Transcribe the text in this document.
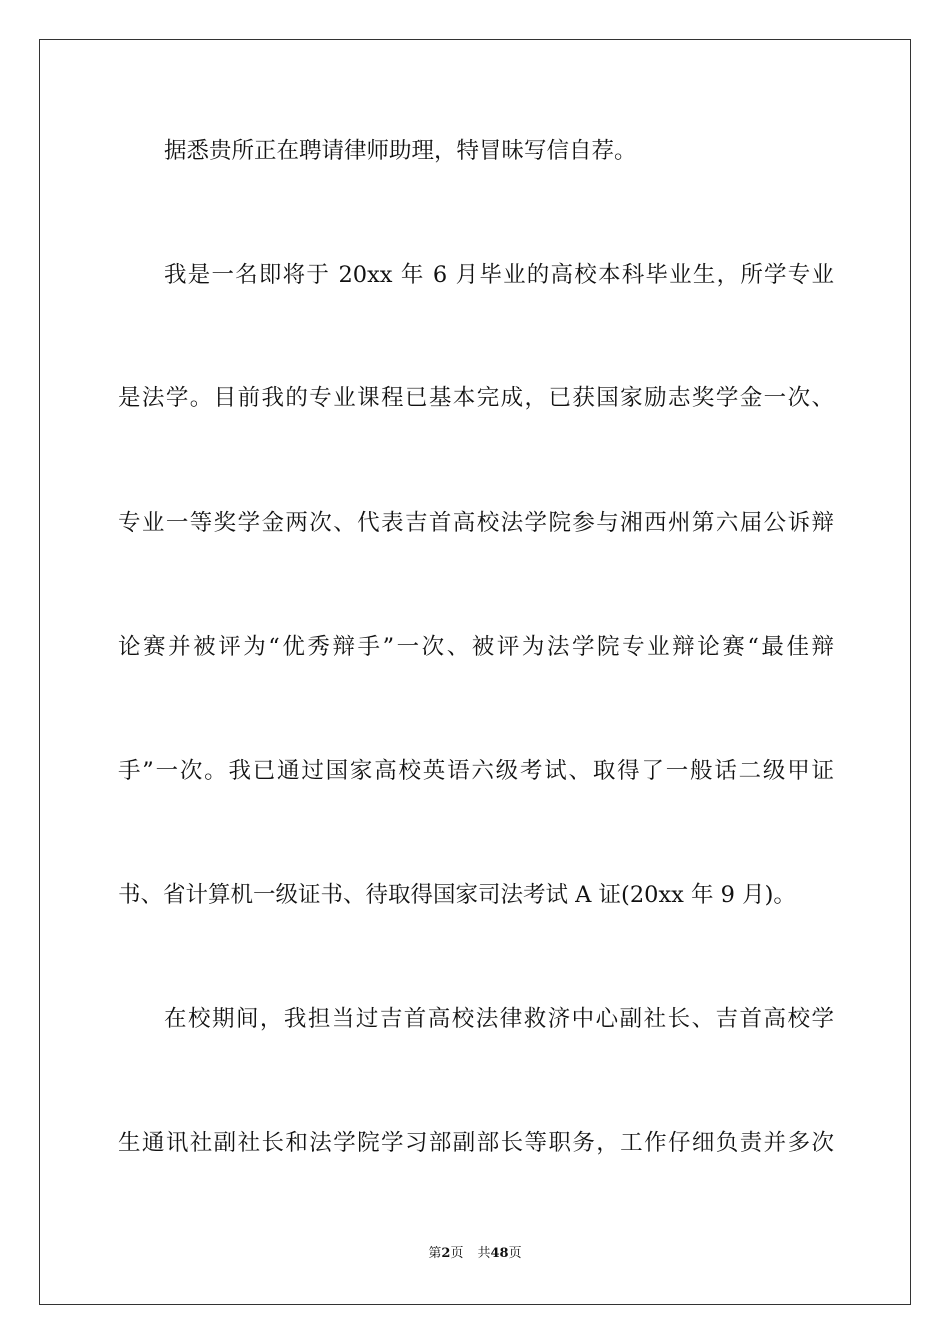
据悉贵所正在聘请律师助理，特冒昧写信自荐。
我是一名即将于 20xx 年 6 月毕业的高校本科毕业生，所学专业
是法学。目前我的专业课程已基本完成，已获国家励志奖学金一次、
专业一等奖学金两次、代表吉首高校法学院参与湘西州第六届公诉辩
论赛并被评为“优秀辩手”一次、被评为法学院专业辩论赛“最佳辩
手”一次。我已通过国家高校英语六级考试、取得了一般话二级甲证
书、省计算机一级证书、待取得国家司法考试 A 证(20xx 年 9 月)。
在校期间，我担当过吉首高校法律救济中心副社长、吉首高校学
生通讯社副社长和法学院学习部副部长等职务，工作仔细负责并多次
第2页 共48页
